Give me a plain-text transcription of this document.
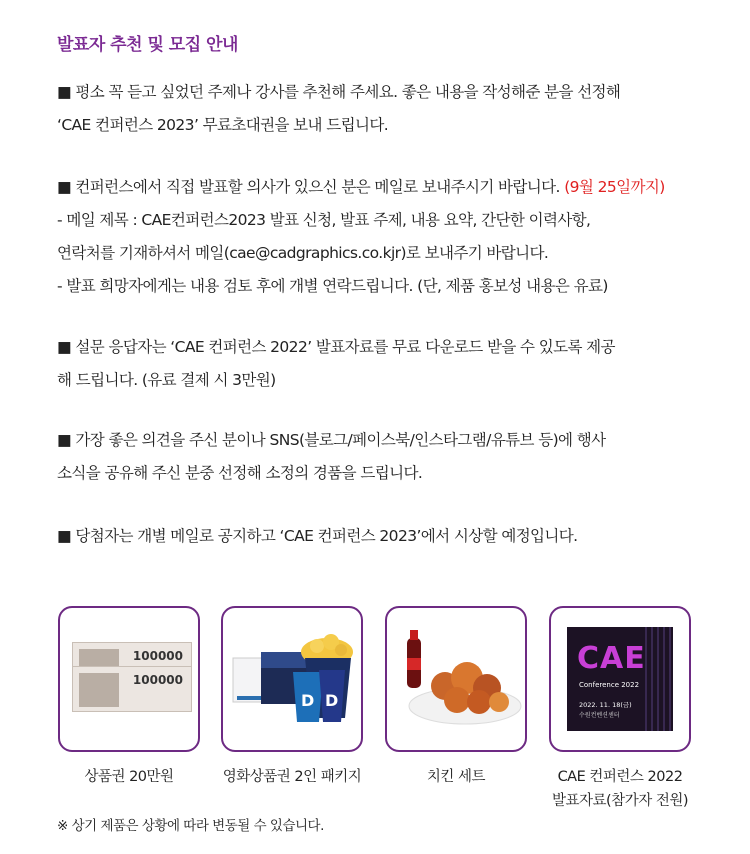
발표자 추천 및 모집 안내

■ 평소 꼭 듣고 싶었던 주제나 강사를 추천해 주세요. 좋은 내용을 작성해준 분을 선정해

‘CAE 컨퍼런스 2023’ 무료초대권을 보내 드립니다.

■ 컨퍼런스에서 직접 발표할 의사가 있으신 분은 메일로 보내주시기 바랍니다. (9월 25일까지)

- 메일 제목 : CAE컨퍼런스2023 발표 신청, 발표 주제, 내용 요약, 간단한 이력사항,

연락처를 기재하셔서 메일(cae@cadgraphics.co.kjr)로 보내주기 바랍니다.

- 발표 희망자에게는 내용 검토 후에 개별 연락드립니다. (단, 제품 홍보성 내용은 유료)

■ 설문 응답자는 ‘CAE 컨퍼런스 2022’ 발표자료를 무료 다운로드 받을 수 있도록 제공

해 드립니다. (유료 결제 시 3만원)

■ 가장 좋은 의견을 주신 분이나 SNS(블로그/페이스북/인스타그램/유튜브 등)에 행사

소식을 공유해 주신 분중 선정해 소정의 경품을 드립니다.

■ 당첨자는 개별 메일로 공지하고 ‘CAE 컨퍼런스 2023’에서 시상할 예정입니다.

100000
100000
D D
CAE
Conference 2022
2022. 11. 18(금)
수원컨벤션센터
상품권 20만원	영화상품권 2인 패키지	치킨 세트	CAE 컨퍼런스 2022
발표자료(참가자 전원)
※ 상기 제품은 상황에 따라 변동될 수 있습니다.
